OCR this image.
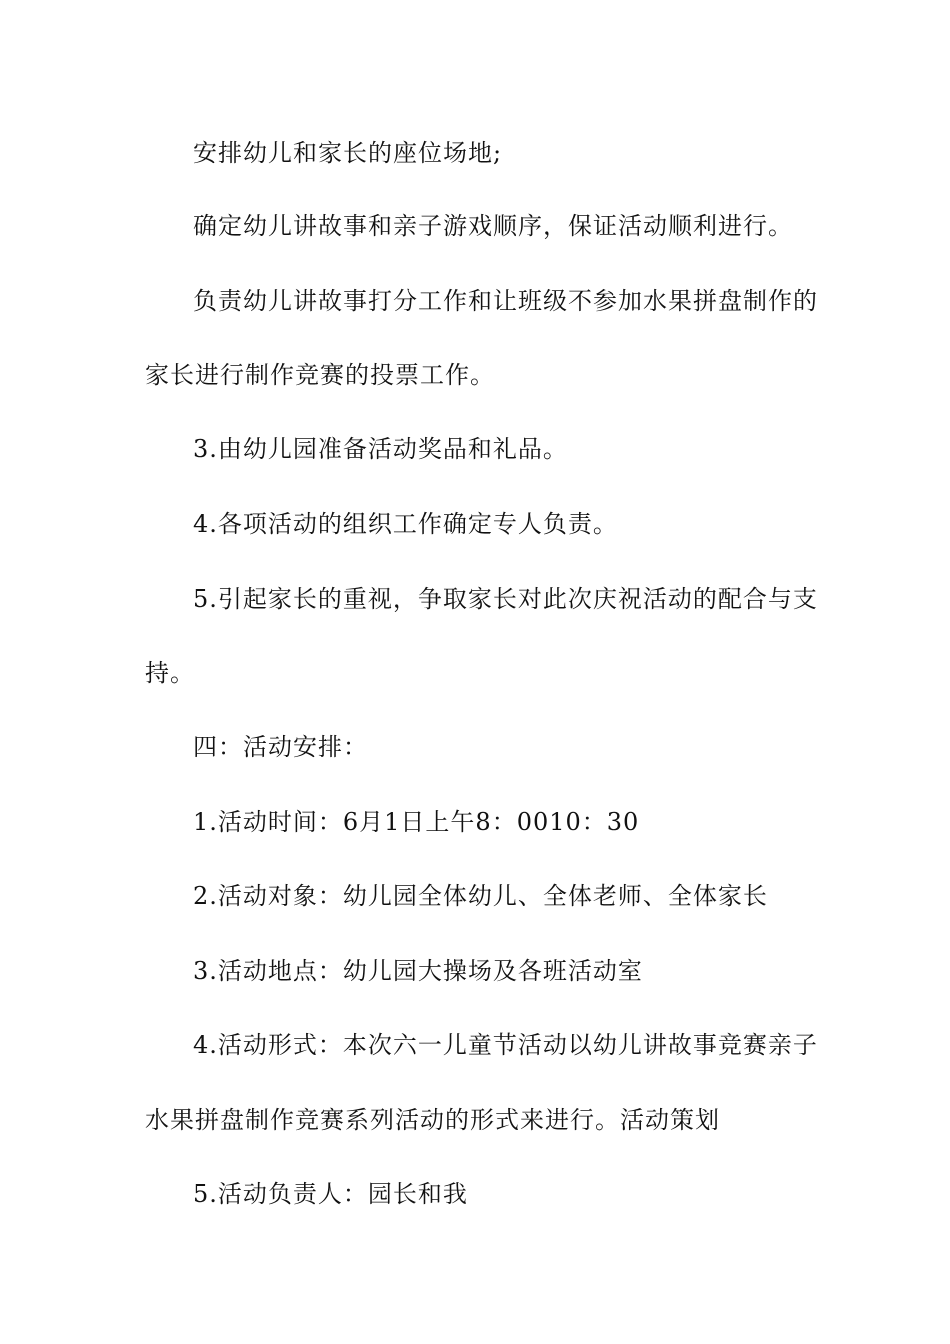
安排幼儿和家长的座位场地;
确定幼儿讲故事和亲子游戏顺序，保证活动顺利进行。
负责幼儿讲故事打分工作和让班级不参加水果拼盘制作的
家长进行制作竞赛的投票工作。
3.由幼儿园准备活动奖品和礼品。
4.各项活动的组织工作确定专人负责。
5.引起家长的重视，争取家长对此次庆祝活动的配合与支
持。
四：活动安排：
1.活动时间：6月1日上午8：0010：30
2.活动对象：幼儿园全体幼儿、全体老师、全体家长
3.活动地点：幼儿园大操场及各班活动室
4.活动形式：本次六一儿童节活动以幼儿讲故事竞赛亲子
水果拼盘制作竞赛系列活动的形式来进行。活动策划
5.活动负责人：园长和我
